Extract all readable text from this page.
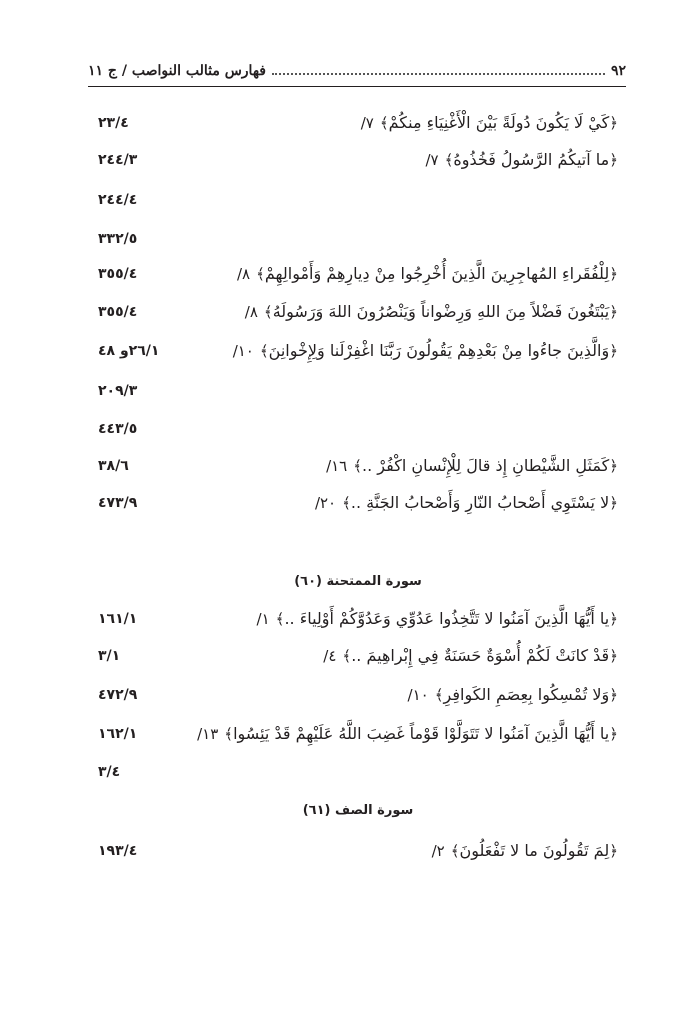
٩٢
فهارس مثالب النواصب / ج ١١
﴿كَيْ لَا يَكُونَ دُولَةً بَيْنَ الْأَغْنِيَاءِ مِنكُمْ﴾٧/
٢٣/٤
﴿ما آتيكُمُ الرَّسُولُ فَخُذُوهُ﴾٧/
٢٤٤/٣
٢٤٤/٤
٣٣٢/٥
﴿لِلْفُقَراءِ المُهاجِرِينَ الَّذِينَ أُخْرِجُوا مِنْ دِيارِهِمْ وَأَمْوالِهِمْ﴾٨/
٣٥٥/٤
﴿يَبْتَغُونَ فَضْلاً مِنَ اللهِ وَرِضْواناً وَيَنْصُرُونَ اللهَ وَرَسُولَهُ﴾٨/
٣٥٥/٤
﴿وَالَّذِينَ جاءُوا مِنْ بَعْدِهِمْ يَقُولُونَ رَبَّنَا اغْفِرْلَنا وَلِإِخْوانِنَ﴾١٠/
٢٦/١و ٤٨
٢٠٩/٣
٤٤٣/٥
﴿كَمَثَلِ الشَّيْطانِ إِذ قالَ لِلْإِنْسانِ اكْفُرْ ..﴾١٦/
٣٨/٦
﴿لا يَسْتَوِي أَصْحابُ النّارِ وَأَصْحابُ الجَنَّةِ ..﴾٢٠/
٤٧٣/٩
سورة الممتحنة (٦٠)
﴿يا أَيُّهَا الَّذِينَ آمَنُوا لا تَتَّخِذُوا عَدُوِّي وَعَدُوَّكُمْ أَوْلِياءَ ..﴾١/
١٦١/١
﴿قَدْ كانَتْ لَكُمْ أُسْوَةٌ حَسَنَةٌ فِي إِبْراهِيمَ ..﴾٤/
٣/١
﴿وَلا تُمْسِكُوا بِعِصَمِ الكَوافِرِ﴾١٠/
٤٧٢/٩
﴿يا أَيُّهَا الَّذِينَ آمَنُوا لا تَتَوَلَّوْا قَوْماً غَضِبَ اللَّهُ عَلَيْهِمْ قَدْ يَئِسُوا﴾١٣/
١٦٢/١
٣/٤
سورة الصف (٦١)
﴿لِمَ تَقُولُونَ ما لا تَفْعَلُونَ﴾٢/
١٩٣/٤
